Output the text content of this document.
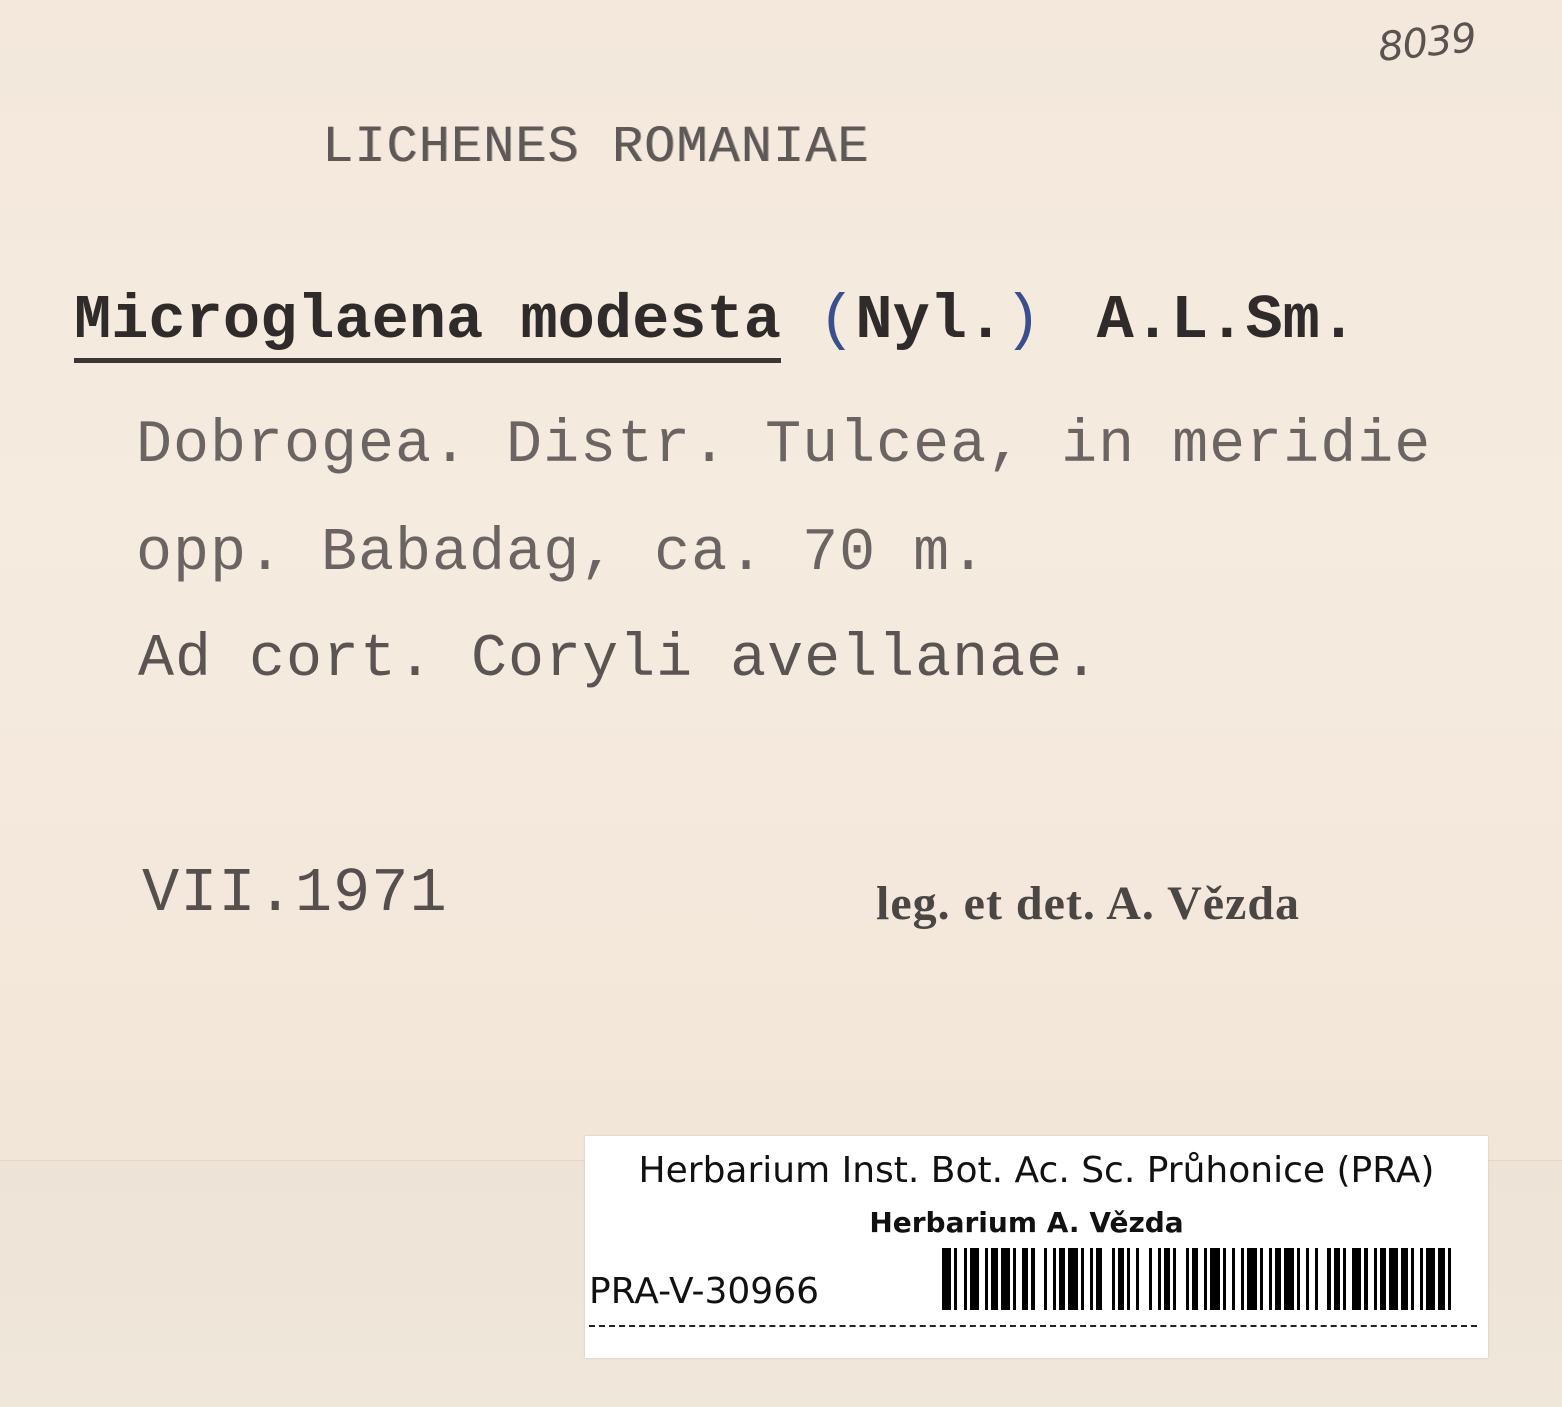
8039
LICHENES ROMANIAE
Microglaena modesta (Nyl.) A.L.Sm.
Dobrogea. Distr. Tulcea, in meridie
opp. Babadag, ca. 70 m.
Ad cort. Coryli avellanae.
VII.1971	leg. et det. A. Vězda
Herbarium Inst. Bot. Ac. Sc. Průhonice (PRA)
Herbarium A. Vězda
PRA-V-30966
